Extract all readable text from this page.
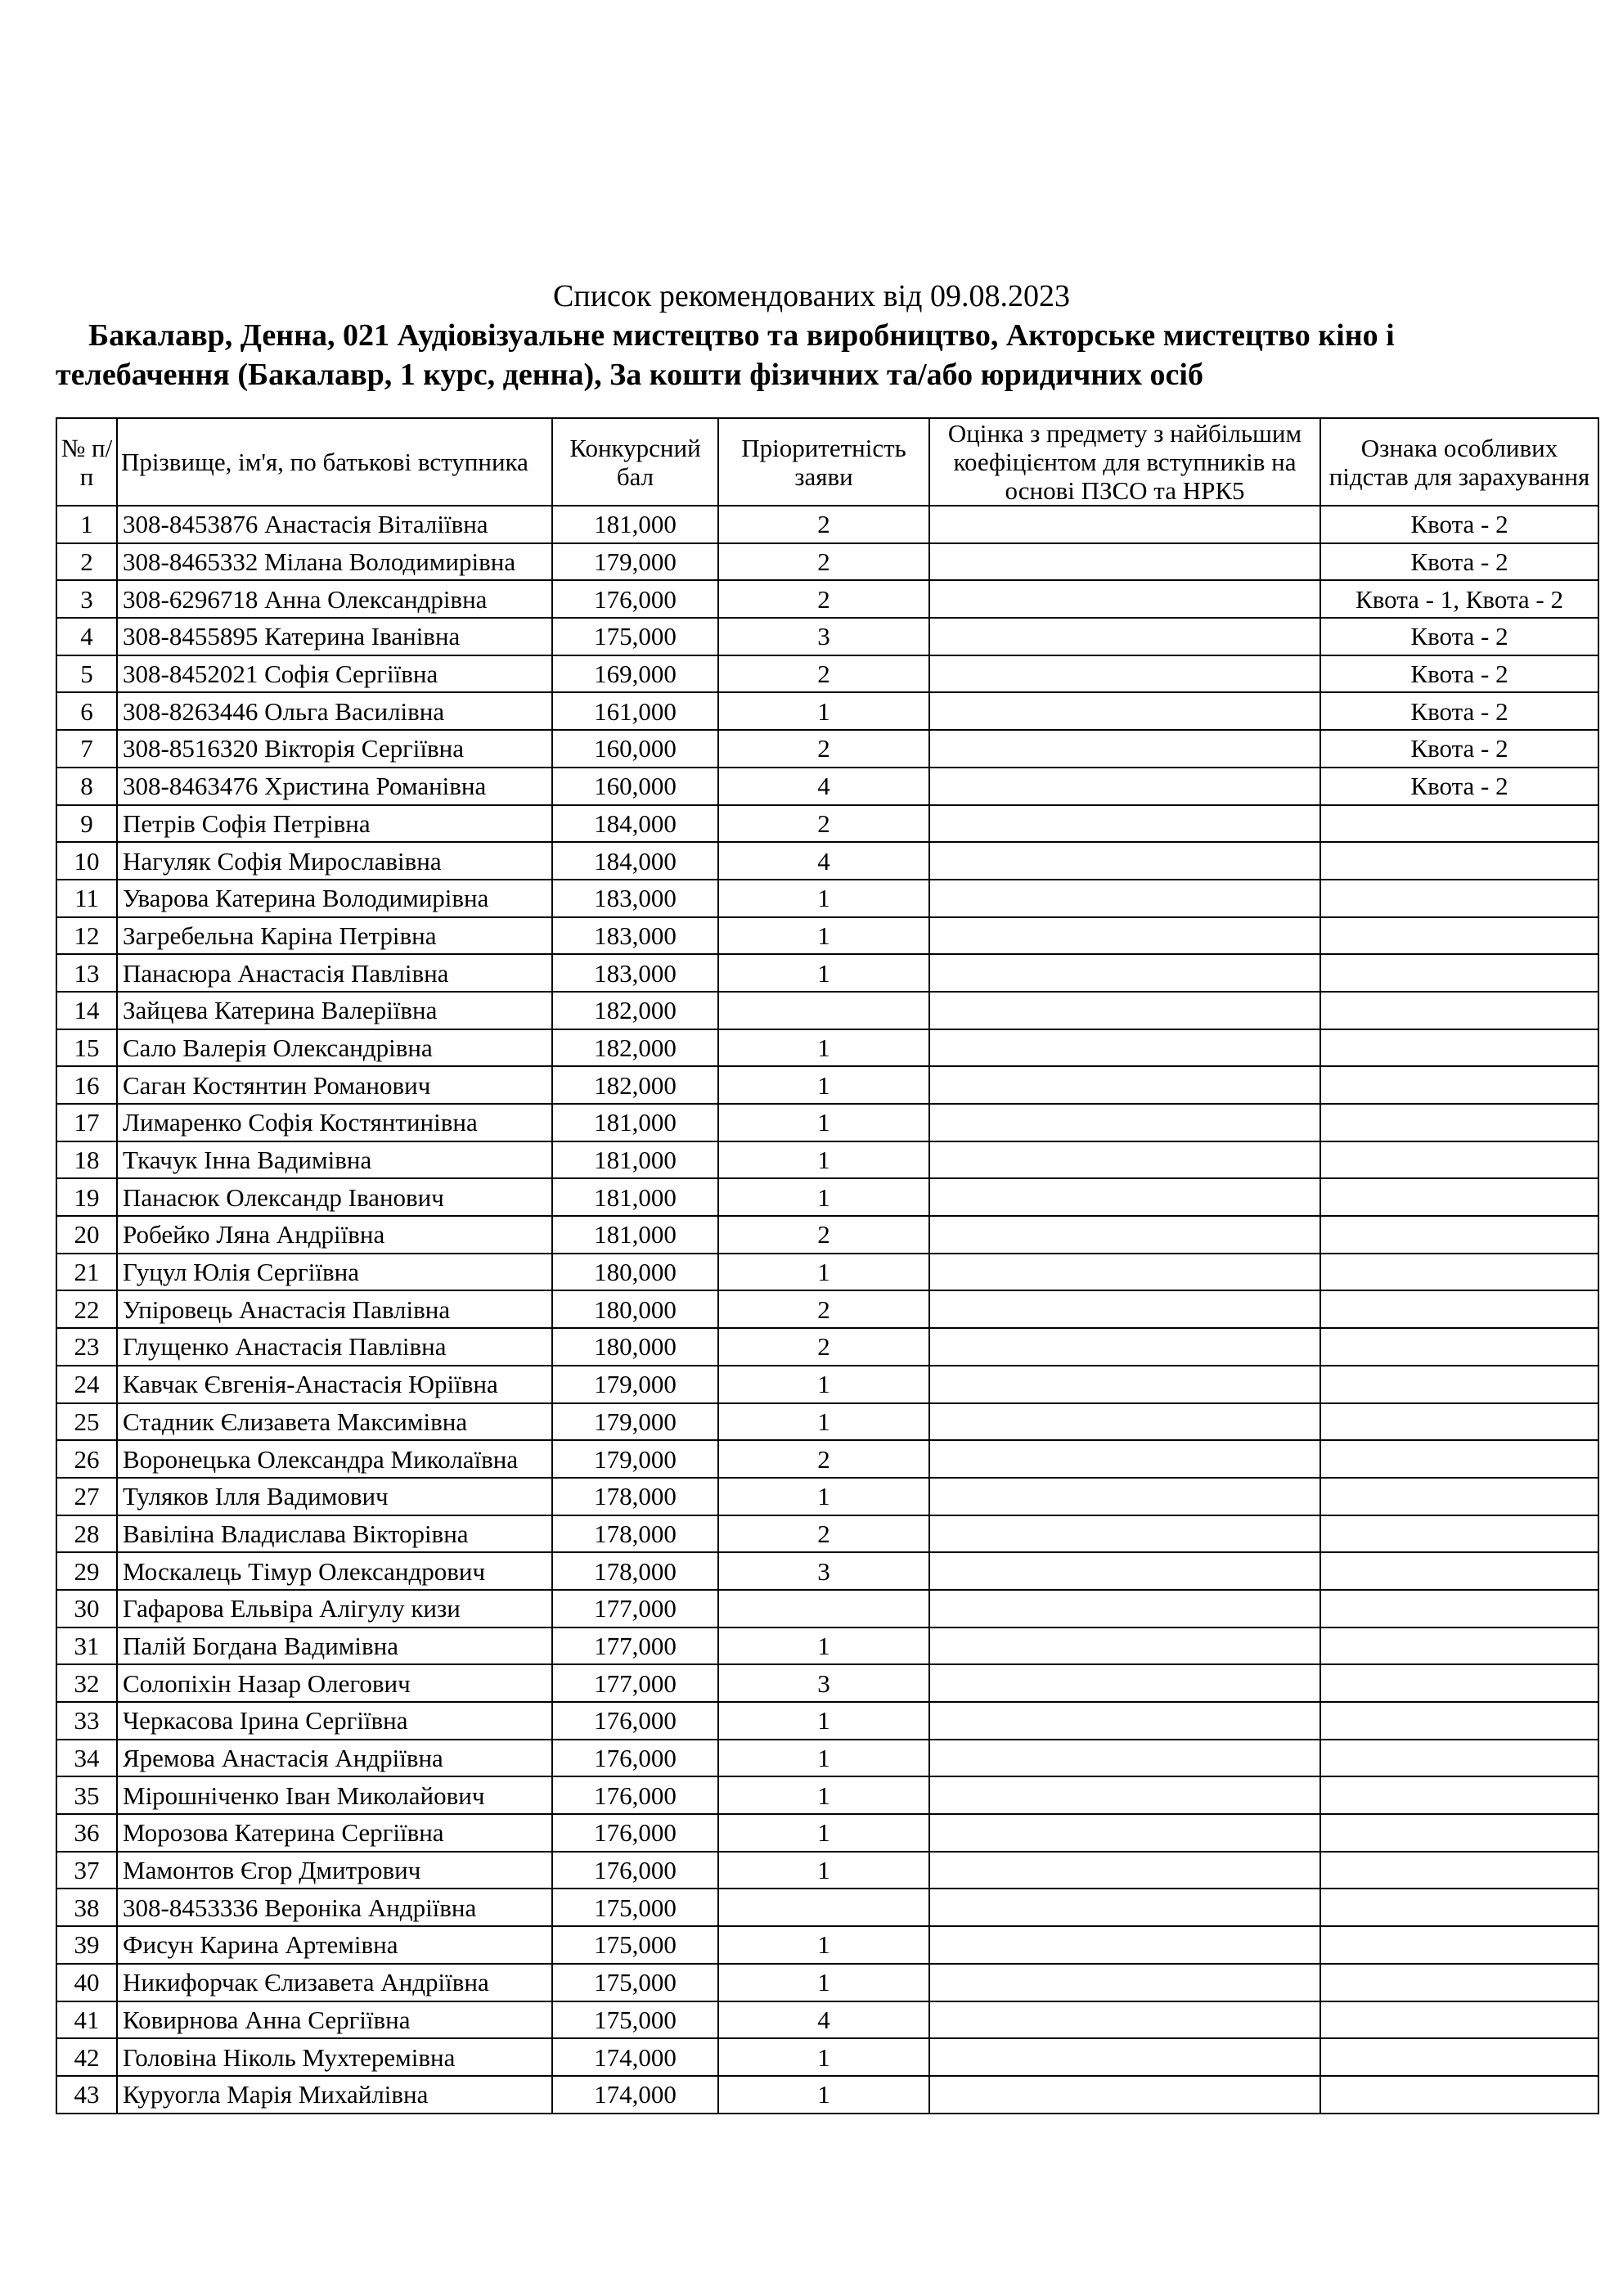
Список рекомендованих від 09.08.2023
Бакалавр, Денна, 021 Аудіовізуальне мистецтво та виробництво, Акторське мистецтво кіно і
телебачення (Бакалавр, 1 курс, денна), За кошти фізичних та/або юридичних осіб
№ п/п	Прізвище, ім'я, по батькові вступника	Конкурсний бал	Пріоритетність заяви	Оцінка з предмету з найбільшим коефіцієнтом для вступників на основі ПЗСО та НРК5	Ознака особливих підстав для зарахування
1	308-8453876 Анастасія Віталіївна	181,000	2		Квота - 2
2	308-8465332 Мілана Володимирівна	179,000	2		Квота - 2
3	308-6296718 Анна Олександрівна	176,000	2		Квота - 1, Квота - 2
4	308-8455895 Катерина Іванівна	175,000	3		Квота - 2
5	308-8452021 Софія Сергіївна	169,000	2		Квота - 2
6	308-8263446 Ольга Василівна	161,000	1		Квота - 2
7	308-8516320 Вікторія Сергіївна	160,000	2		Квота - 2
8	308-8463476 Христина Романівна	160,000	4		Квота - 2
9	Петрів Софія Петрівна	184,000	2		
10	Нагуляк Софія Мирославівна	184,000	4		
11	Уварова Катерина Володимирівна	183,000	1		
12	Загребельна Каріна Петрівна	183,000	1		
13	Панасюра Анастасія Павлівна	183,000	1		
14	Зайцева Катерина Валеріївна	182,000			
15	Сало Валерія Олександрівна	182,000	1		
16	Саган Костянтин Романович	182,000	1		
17	Лимаренко Софія Костянтинівна	181,000	1		
18	Ткачук Інна Вадимівна	181,000	1		
19	Панасюк Олександр Іванович	181,000	1		
20	Робейко Ляна Андріївна	181,000	2		
21	Гуцул Юлія Сергіївна	180,000	1		
22	Упіровець Анастасія Павлівна	180,000	2		
23	Глущенко Анастасія Павлівна	180,000	2		
24	Кавчак Євгенія-Анастасія Юріївна	179,000	1		
25	Стадник Єлизавета Максимівна	179,000	1		
26	Воронецька Олександра Миколаївна	179,000	2		
27	Туляков Ілля Вадимович	178,000	1		
28	Вавіліна Владислава Вікторівна	178,000	2		
29	Москалець Тімур Олександрович	178,000	3		
30	Гафарова Ельвіра Алігулу кизи	177,000			
31	Палій Богдана Вадимівна	177,000	1		
32	Солопіхін Назар Олегович	177,000	3		
33	Черкасова Ірина Сергіївна	176,000	1		
34	Яремова Анастасія Андріївна	176,000	1		
35	Мірошніченко Іван Миколайович	176,000	1		
36	Морозова Катерина Сергіївна	176,000	1		
37	Мамонтов Єгор Дмитрович	176,000	1		
38	308-8453336 Вероніка Андріївна	175,000			
39	Фисун Карина Артемівна	175,000	1		
40	Никифорчак Єлизавета Андріївна	175,000	1		
41	Ковирнова Анна Сергіївна	175,000	4		
42	Головіна Ніколь Мухтеремівна	174,000	1		
43	Куруогла Марія Михайлівна	174,000	1		
